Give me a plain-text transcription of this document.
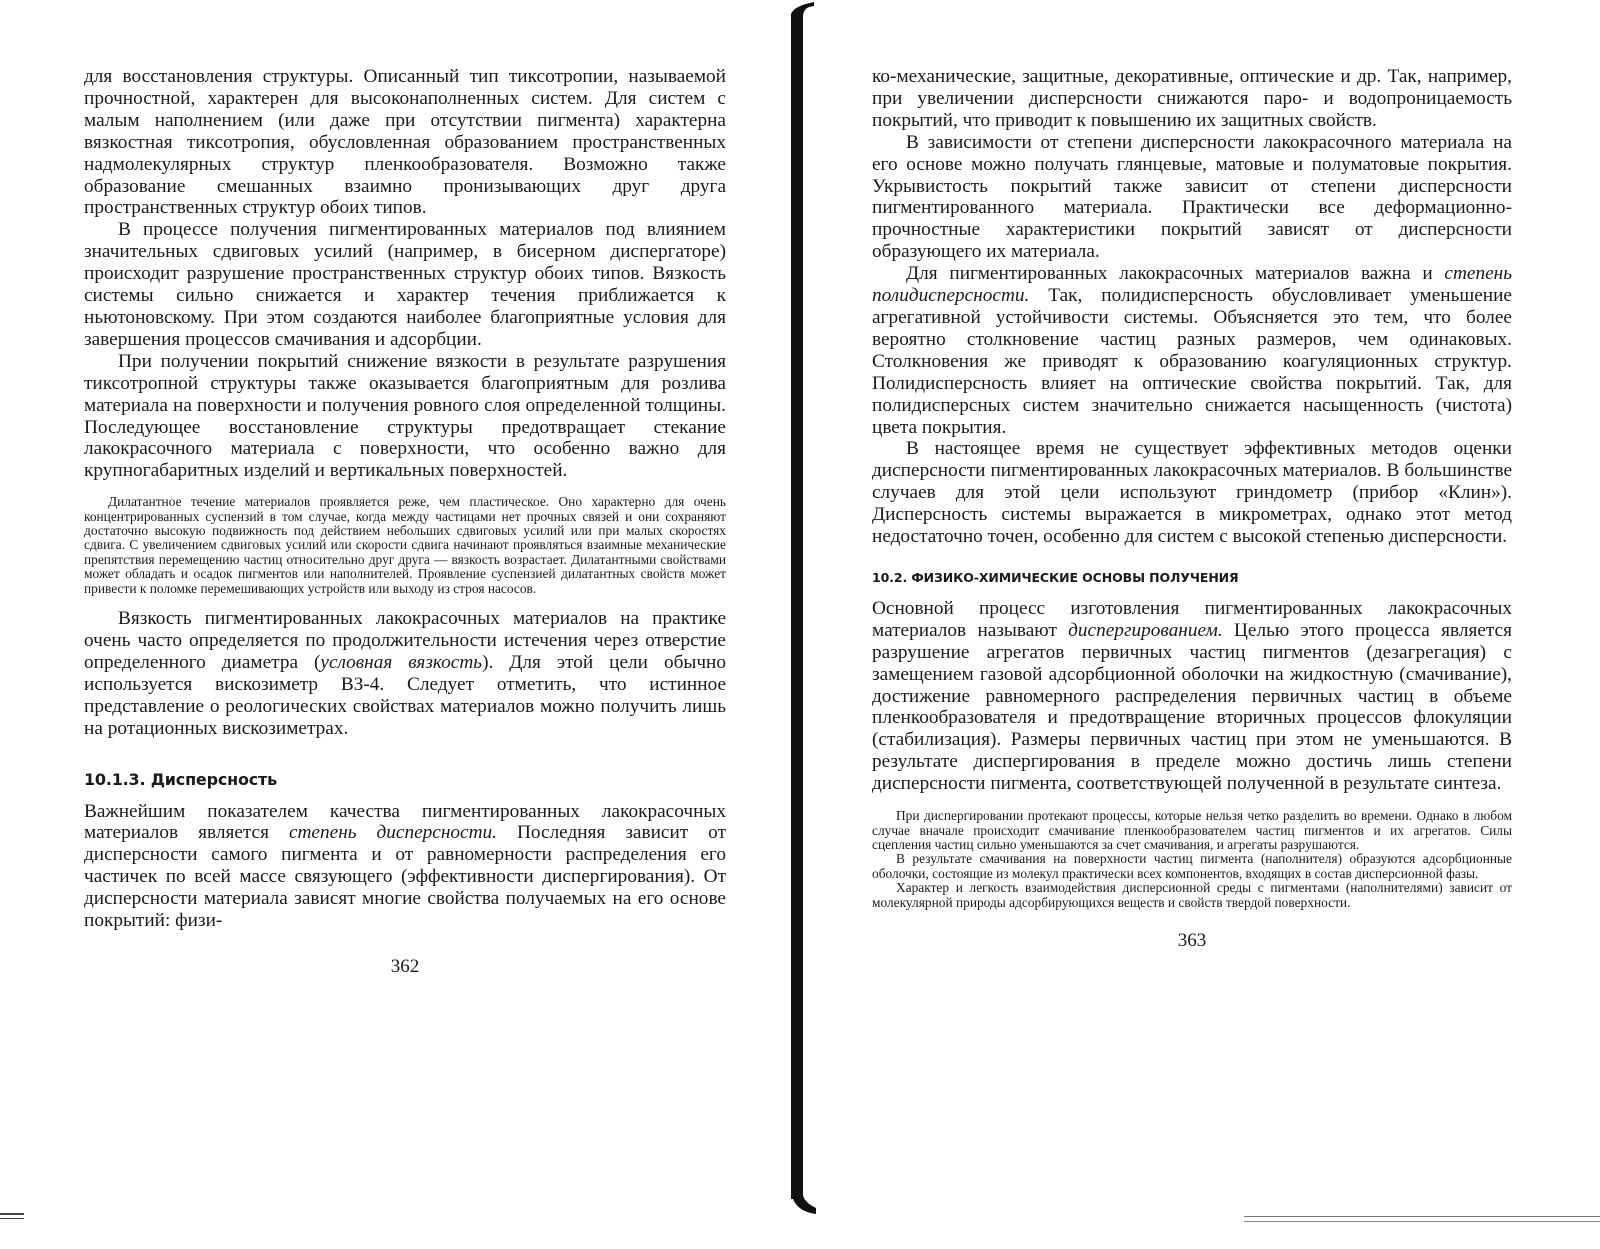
для восстановления структуры. Описанный тип тиксотропии, называемой прочностной, характерен для высоконаполненных систем. Для систем с малым наполнением (или даже при отсутствии пигмента) характерна вязкостная тиксотропия, обусловленная образованием пространственных надмолекулярных структур пленкообразователя. Возможно также образование смешанных взаимно пронизывающих друг друга пространственных структур обоих типов.

В процессе получения пигментированных материалов под влиянием значительных сдвиговых усилий (например, в бисерном диспергаторе) происходит разрушение пространственных структур обоих типов. Вязкость системы сильно снижается и характер течения приближается к ньютоновскому. При этом создаются наиболее благоприятные условия для завершения процессов смачивания и адсорбции.

При получении покрытий снижение вязкости в результате разрушения тиксотропной структуры также оказывается благоприятным для розлива материала на поверхности и получения ровного слоя определенной толщины. Последующее восстановление структуры предотвращает стекание лакокрасочного материала с поверхности, что особенно важно для крупногабаритных изделий и вертикальных поверхностей.

Дилатантное течение материалов проявляется реже, чем пластическое. Оно характерно для очень концентрированных суспензий в том случае, когда между частицами нет прочных связей и они сохраняют достаточно высокую подвижность под действием небольших сдвиговых усилий или при малых скоростях сдвига. С увеличением сдвиговых усилий или скорости сдвига начинают проявляться взаимные механические препятствия перемещению частиц относительно друг друга — вязкость возрастает. Дилатантными свойствами может обладать и осадок пигментов или наполнителей. Проявление суспензией дилатантных свойств может привести к поломке перемешивающих устройств или выходу из строя насосов.

Вязкость пигментированных лакокрасочных материалов на практике очень часто определяется по продолжительности истечения через отверстие определенного диаметра (условная вязкость). Для этой цели обычно используется вискозиметр ВЗ-4. Следует отметить, что истинное представление о реологических свойствах материалов можно получить лишь на ротационных вискозиметрах.

10.1.3. Дисперсность

Важнейшим показателем качества пигментированных лакокрасочных материалов является степень дисперсности. Последняя зависит от дисперсности самого пигмента и от равномерности распределения его частичек по всей массе связующего (эффективности диспергирования). От дисперсности материала зависят многие свойства получаемых на его основе покрытий: физи-

362

ко-механические, защитные, декоративные, оптические и др. Так, например, при увеличении дисперсности снижаются паро- и водопроницаемость покрытий, что приводит к повышению их защитных свойств.

В зависимости от степени дисперсности лакокрасочного материала на его основе можно получать глянцевые, матовые и полуматовые покрытия. Укрывистость покрытий также зависит от степени дисперсности пигментированного материала. Практически все деформационно-прочностные характеристики покрытий зависят от дисперсности образующего их материала.

Для пигментированных лакокрасочных материалов важна и степень полидисперсности. Так, полидисперсность обусловливает уменьшение агрегативной устойчивости системы. Объясняется это тем, что более вероятно столкновение частиц разных размеров, чем одинаковых. Столкновения же приводят к образованию коагуляционных структур. Полидисперсность влияет на оптические свойства покрытий. Так, для полидисперсных систем значительно снижается насыщенность (чистота) цвета покрытия.

В настоящее время не существует эффективных методов оценки дисперсности пигментированных лакокрасочных материалов. В большинстве случаев для этой цели используют гриндометр (прибор «Клин»). Дисперсность системы выражается в микрометрах, однако этот метод недостаточно точен, особенно для систем с высокой степенью дисперсности.

10.2. ФИЗИКО-ХИМИЧЕСКИЕ ОСНОВЫ ПОЛУЧЕНИЯ

Основной процесс изготовления пигментированных лакокрасочных материалов называют диспергированием. Целью этого процесса является разрушение агрегатов первичных частиц пигментов (дезагрегация) с замещением газовой адсорбционной оболочки на жидкостную (смачивание), достижение равномерного распределения первичных частиц в объеме пленкообразователя и предотвращение вторичных процессов флокуляции (стабилизация). Размеры первичных частиц при этом не уменьшаются. В результате диспергирования в пределе можно достичь лишь степени дисперсности пигмента, соответствующей полученной в результате синтеза.

При диспергировании протекают процессы, которые нельзя четко разделить во времени. Однако в любом случае вначале происходит смачивание пленкообразователем частиц пигментов и их агрегатов. Силы сцепления частиц сильно уменьшаются за счет смачивания, и агрегаты разрушаются.

В результате смачивания на поверхности частиц пигмента (наполнителя) образуются адсорбционные оболочки, состоящие из молекул практически всех компонентов, входящих в состав дисперсионной фазы.

Характер и легкость взаимодействия дисперсионной среды с пигментами (наполнителями) зависит от молекулярной природы адсорбирующихся веществ и свойств твердой поверхности.

363
